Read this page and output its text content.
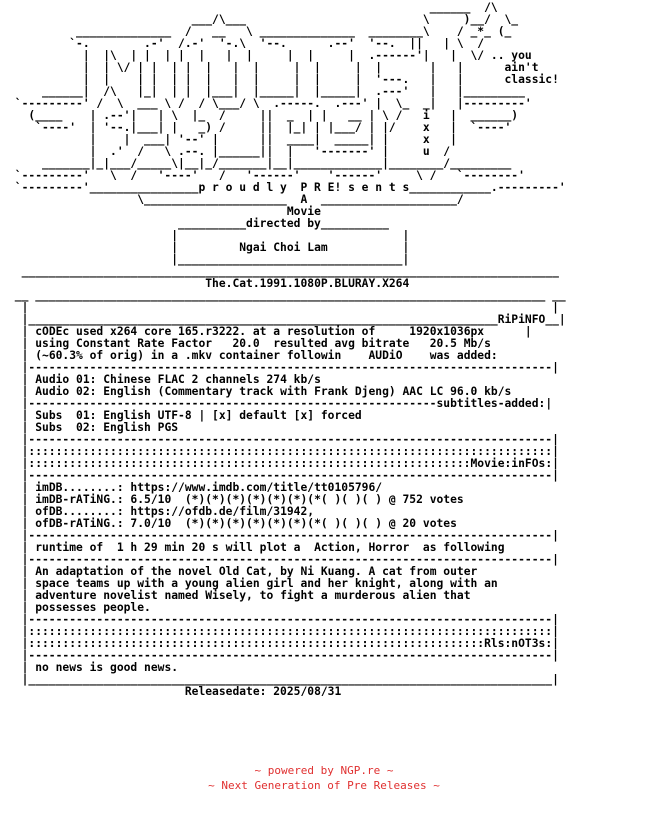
______  /\
___/\___                          \     )__/  \_
______________  /   __   \ ______________  ________\    / _*_ (_
`-.        .-'  /.-'  '-.\  '--.      .--'  '--.  ||   | \  /
|  |\  | |  | |  |   |  |     |  |     |  .------'|   |  \/ .. you
|  | \/ | |  | |  |   |  |     |  |     |  |       |   |      ain't
|  |    | |  | |  |   |  |     |  |     |  '---.   |   |      classic!
______|  /\   |_|  | |  |___|  |_____|  |_____|  .---'   |   |_________
`---------' /  \  ___ \ /  / \___/ \  .-----.  .---' |  \_  _|   |---------'
(____    | .--'|   | \  |_  /     ||  _  | |   __ | \ /   i   |  ______)
`----'  | '--.|___| |   _) /     ||  |_| | |___/ | |/    x   |  `----'
|    |  ___| '--' |      ||  ____|  _____| |     x   |
|  .'  /   \ .--. |______||  |   '-------' |     u  /
_______|_|___/_____\|__|_/_______|__|_____________|________/_________
`---------'   \  /   '----'   /   '------'    '------'     \ /   `--------'
`---------'________________p r o u d l y  P R E! s e n t s____________.---------'
\_____________________  A  ____________________/
Movie
__________directed by__________
|                                 |
|         Ngai Choi Lam           |
|_________________________________|
_______________________________________________________________________________
The.Cat.1991.1080P.BLURAY.X264
__ ___________________________________________________________________________ __
|                                                                             |
|_____________________________________________________________________RiPiNFO__|
| cODEc used x264 core 165.r3222. at a resolution of     1920x1036px      |
| using Constant Rate Factor   20.0  resulted avg bitrate   20.5 Mb/s
| (~60.3% of orig) in a .mkv container followin    AUDiO    was added:
|-----------------------------------------------------------------------------|
| Audio 01: Chinese FLAC 2 channels 274 kb/s
| Audio 02: English (Commentary track with Frank Djeng) AAC LC 96.0 kb/s
|------------------------------------------------------------subtitles-added:|
| Subs  01: English UTF-8 | [x] default [x] forced
| Subs  02: English PGS
|-----------------------------------------------------------------------------|
|:::::::::::::::::::::::::::::::::::::::::::::::::::::::::::::::::::::::::::::|
|:::::::::::::::::::::::::::::::::::::::::::::::::::::::::::::::::Movie:inFOs:|
|-----------------------------------------------------------------------------|
| imDB........: https://www.imdb.com/title/tt0105796/
| imDB-rATiNG.: 6.5/10  (*)(*)(*)(*)(*)(*)(*( )( )( ) @ 752 votes
| ofDB........: https://ofdb.de/film/31942,
| ofDB-rATiNG.: 7.0/10  (*)(*)(*)(*)(*)(*)(*( )( )( ) @ 20 votes
|-----------------------------------------------------------------------------|
| runtime of  1 h 29 min 20 s will plot a  Action, Horror  as following
|-----------------------------------------------------------------------------|
| An adaptation of the novel Old Cat, by Ni Kuang. A cat from outer
| space teams up with a young alien girl and her knight, along with an
| adventure novelist named Wisely, to fight a murderous alien that
| possesses people.
|-----------------------------------------------------------------------------|
|:::::::::::::::::::::::::::::::::::::::::::::::::::::::::::::::::::::::::::::|
|:::::::::::::::::::::::::::::::::::::::::::::::::::::::::::::::::::Rls:nOT3s:|
|-----------------------------------------------------------------------------|
| no news is good news.
|_____________________________________________________________________________|
Releasedate: 2025/08/31
~ powered by NGP.re ~
~ Next Generation of Pre Releases ~
